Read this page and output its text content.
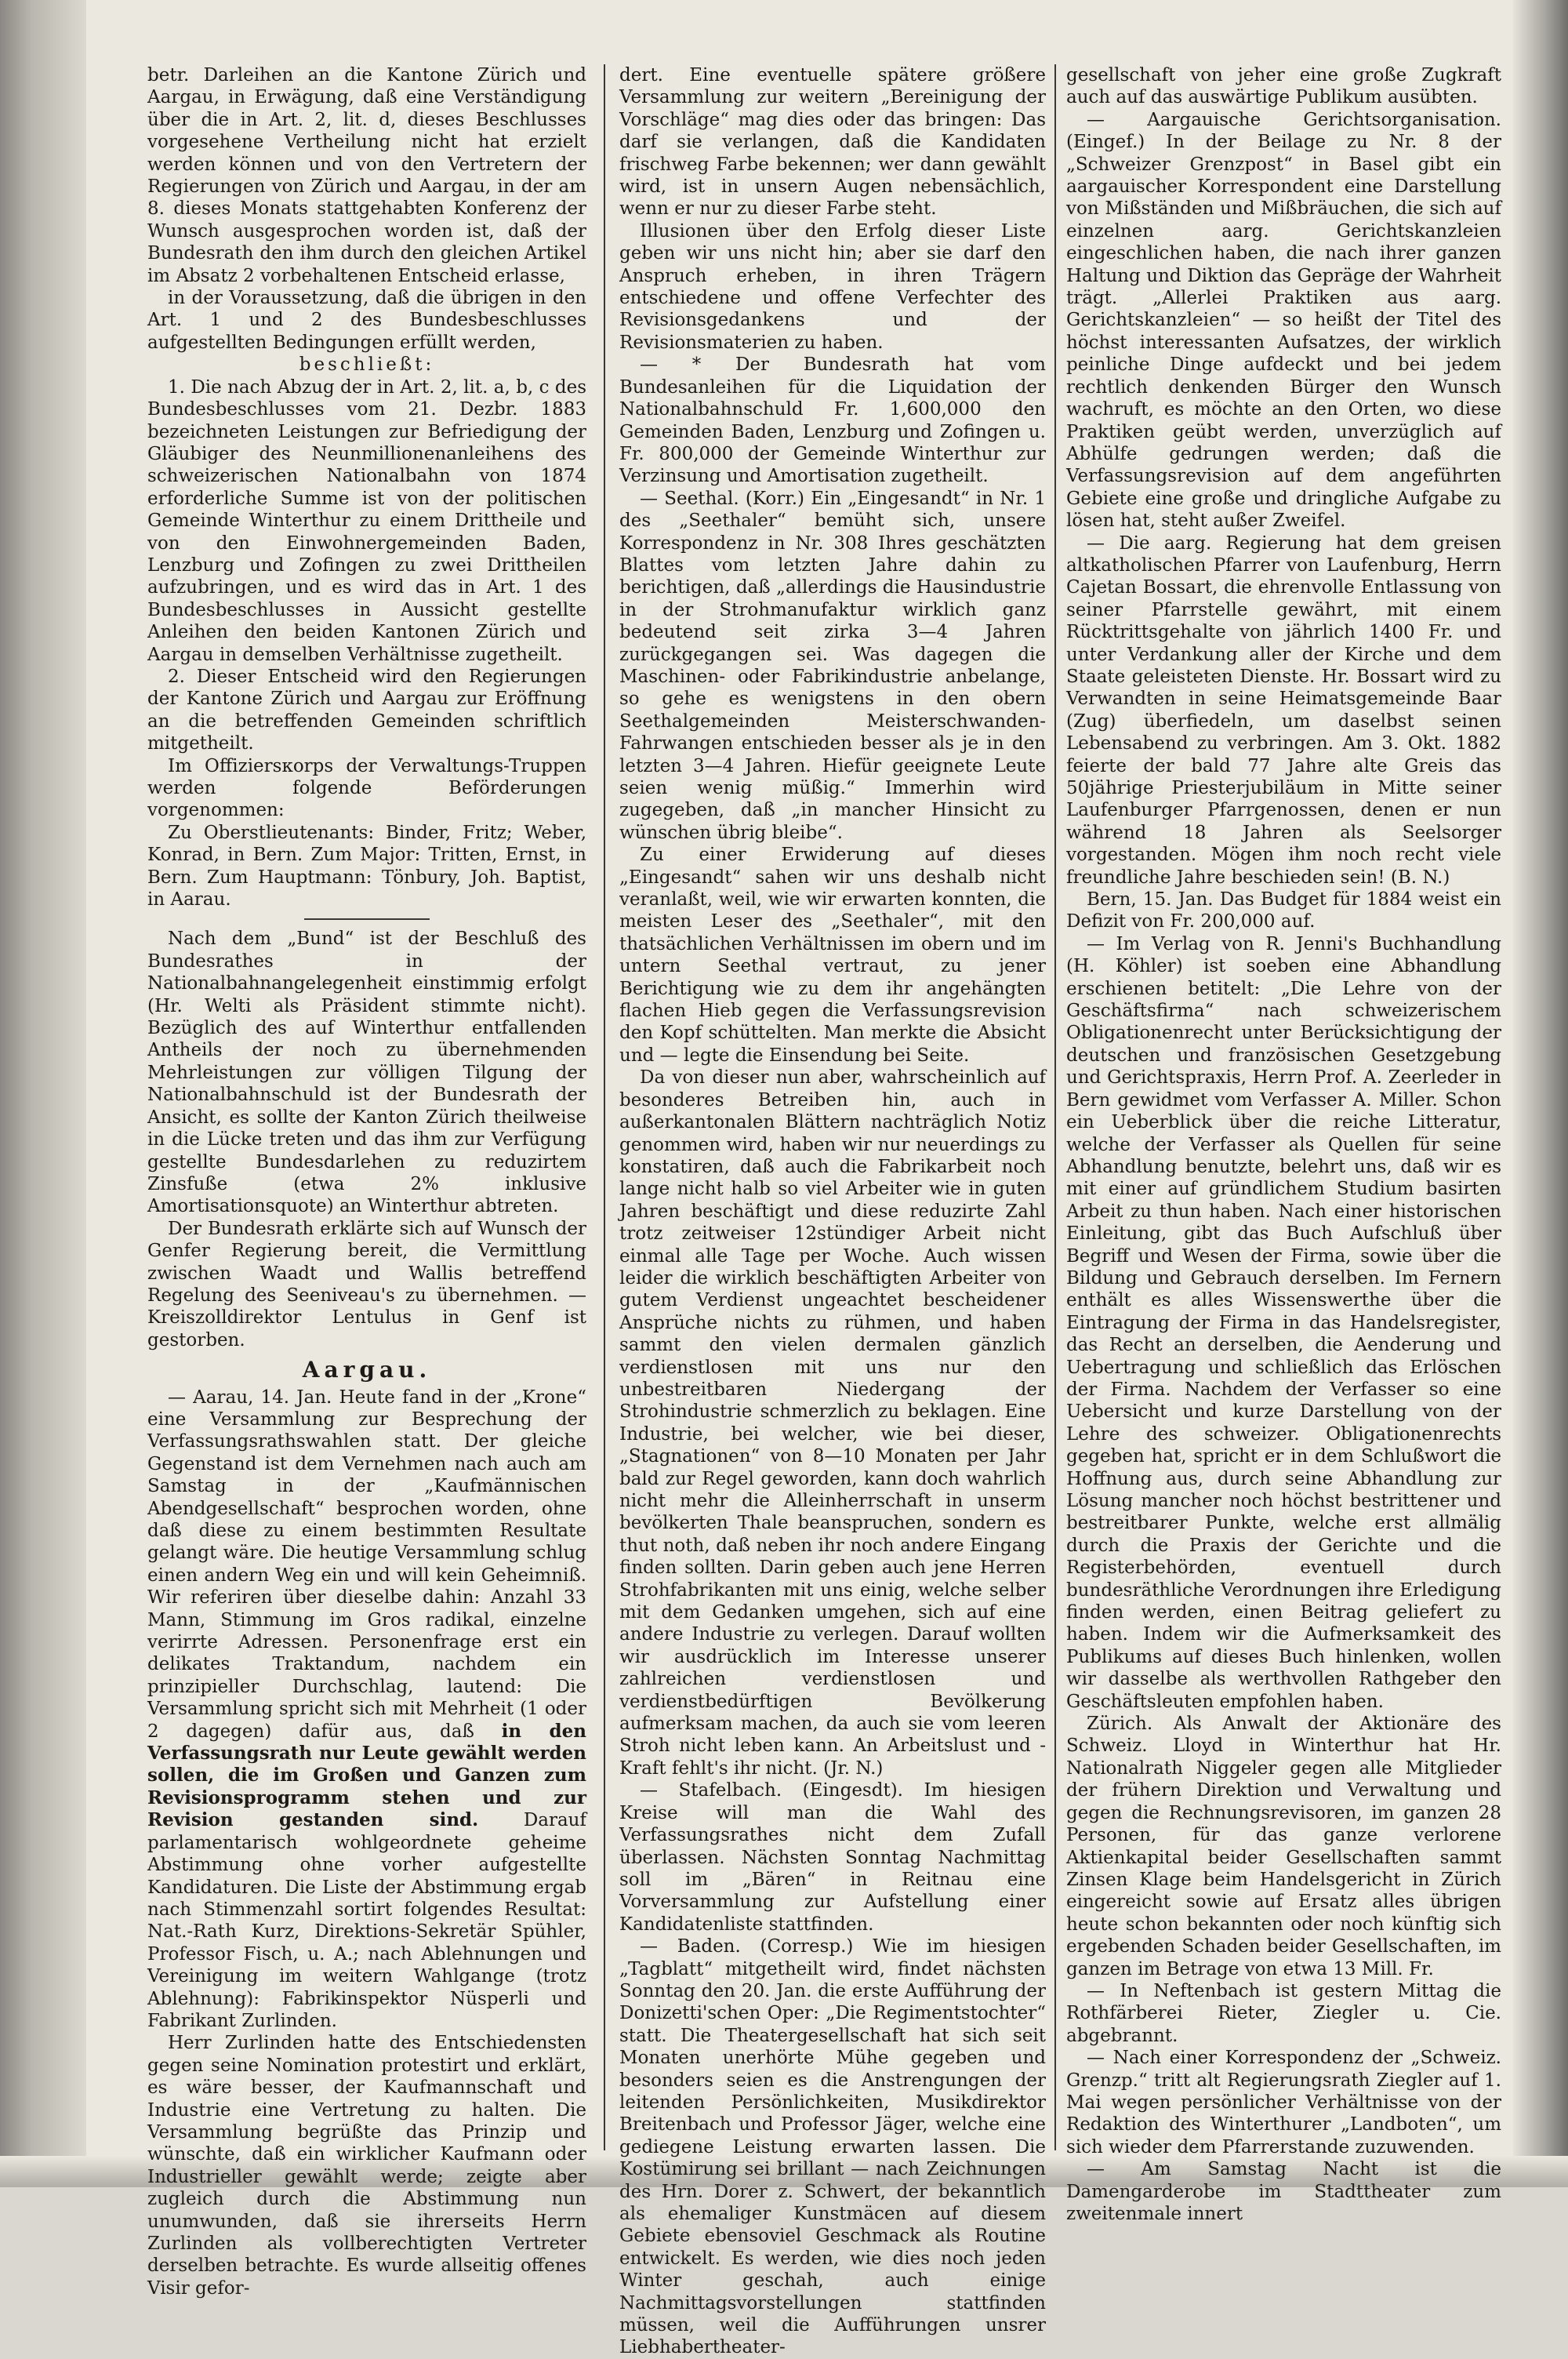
betr. Darleihen an die Kantone Zürich und Aargau, in Erwägung, daß eine Verständigung über die in Art. 2, lit. d, dieses Beschlusses vorgesehene Vertheilung nicht hat erzielt werden können und von den Vertretern der Regierungen von Zürich und Aargau, in der am 8. dieses Monats stattgehabten Konferenz der Wunsch ausgesprochen worden ist, daß der Bundesrath den ihm durch den gleichen Artikel im Absatz 2 vorbehaltenen Entscheid erlasse,

in der Voraussetzung, daß die übrigen in den Art. 1 und 2 des Bundesbeschlusses aufgestellten Bedingungen erfüllt werden,

beschließt:

1. Die nach Abzug der in Art. 2, lit. a, b, c des Bundesbeschlusses vom 21. Dezbr. 1883 bezeichneten Leistungen zur Befriedigung der Gläubiger des Neunmillionenanleihens des schweizerischen Nationalbahn von 1874 erforderliche Summe ist von der politischen Gemeinde Winterthur zu einem Drittheile und von den Einwohnergemeinden Baden, Lenzburg und Zofingen zu zwei Drittheilen aufzubringen, und es wird das in Art. 1 des Bundesbeschlusses in Aussicht gestellte Anleihen den beiden Kantonen Zürich und Aargau in demselben Verhältnisse zugetheilt.

2. Dieser Entscheid wird den Regierungen der Kantone Zürich und Aargau zur Eröffnung an die betreffenden Gemeinden schriftlich mitgetheilt.

Im Offiziersкorps der Verwaltungs-Truppen werden folgende Beförderungen vorgenommen:

Zu Oberstlieutenants: Binder, Fritz; Weber, Konrad, in Bern. Zum Major: Tritten, Ernst, in Bern. Zum Hauptmann: Tönbury, Joh. Baptist, in Aarau.

Nach dem „Bund“ ist der Beschluß des Bundesrathes in der Nationalbahnangelegenheit einstimmig erfolgt (Hr. Welti als Präsident stimmte nicht). Bezüglich des auf Winterthur entfallenden Antheils der noch zu übernehmenden Mehrleistungen zur völligen Tilgung der Nationalbahnschuld ist der Bundesrath der Ansicht, es sollte der Kanton Zürich theilweise in die Lücke treten und das ihm zur Verfügung gestellte Bundesdarlehen zu reduzirtem Zinsfuße (etwa 2% inklusive Amortisationsquote) an Winterthur abtreten.

Der Bundesrath erklärte sich auf Wunsch der Genfer Regierung bereit, die Vermittlung zwischen Waadt und Wallis betreffend Regelung des Seeniveau's zu übernehmen. — Kreiszolldirektor Lentulus in Genf ist gestorben.

Aargau.

— Aarau, 14. Jan. Heute fand in der „Krone“ eine Versammlung zur Besprechung der Verfassungsrathswahlen statt. Der gleiche Gegenstand ist dem Vernehmen nach auch am Samstag in der „Kaufmännischen Abendgesellschaft“ besprochen worden, ohne daß diese zu einem bestimmten Resultate gelangt wäre. Die heutige Versammlung schlug einen andern Weg ein und will kein Geheimniß. Wir referiren über dieselbe dahin: Anzahl 33 Mann, Stimmung im Gros radikal, einzelne verirrte Adressen. Personenfrage erst ein delikates Traktandum, nachdem ein prinzipieller Durchschlag, lautend: Die Versammlung spricht sich mit Mehrheit (1 oder 2 dagegen) dafür aus, daß in den Verfassungsrath nur Leute gewählt werden sollen, die im Großen und Ganzen zum Revisionsprogramm stehen und zur Revision gestanden sind.	Darauf parlamentarisch wohlgeordnete geheime Abstimmung ohne vorher aufgestellte Kandidaturen. Die Liste der Abstimmung ergab nach Stimmenzahl sortirt folgendes Resultat: Nat.-Rath Kurz, Direktions-Sekretär Spühler, Professor Fisch, u. A.; nach Ablehnungen und Vereinigung im weitern Wahlgange (trotz Ablehnung): Fabrikinspektor Nüsperli und Fabrikant Zurlinden.

Herr Zurlinden hatte des Entschiedensten gegen seine Nomination protestirt und erklärt, es wäre besser, der Kaufmannschaft und Industrie eine Vertretung zu halten. Die Versammlung begrüßte das Prinzip und wünschte, daß ein wirklicher Kaufmann oder Industrieller gewählt werde; zeigte aber zugleich durch die Abstimmung nun unumwunden, daß sie ihrerseits Herrn Zurlinden als vollberechtigten Vertreter derselben betrachte. Es wurde allseitig offenes Visir gefor-

dert. Eine eventuelle spätere größere Versammlung zur weitern „Bereinigung der Vorschläge“ mag dies oder das bringen: Das darf sie verlangen, daß die Kandidaten frischweg Farbe bekennen; wer dann gewählt wird, ist in unsern Augen nebensächlich, wenn er nur zu dieser Farbe steht.

Illusionen über den Erfolg dieser Liste geben wir uns nicht hin; aber sie darf den Anspruch erheben, in ihren Trägern entschiedene und offene Verfechter des Revisionsgedankens und der Revisionsmaterien zu haben.

— * Der Bundesrath hat vom Bundesanleihen für die Liquidation der Nationalbahnschuld Fr. 1,600,000 den Gemeinden Baden, Lenzburg und Zofingen u. Fr. 800,000 der Gemeinde Winterthur zur Verzinsung und Amortisation zugetheilt.

— Seethal. (Korr.) Ein „Eingesandt“ in Nr. 1 des „Seethaler“ bemüht sich, unsere Korrespondenz in Nr. 308 Ihres geschätzten Blattes vom letzten Jahre dahin zu berichtigen, daß „allerdings die Hausindustrie in der Strohmanufaktur wirklich ganz bedeutend seit zirka 3—4 Jahren zurückgegangen sei. Was dagegen die Maschinen- oder Fabrikindustrie anbelange, so gehe es wenigstens in den obern Seethalgemeinden Meisterschwanden-Fahrwangen entschieden besser als je in den letzten 3—4 Jahren. Hiefür geeignete Leute seien wenig müßig.“ Immerhin wird zugegeben, daß „in mancher Hinsicht zu wünschen übrig bleibe“.

Zu einer Erwiderung auf dieses „Eingesandt“ sahen wir uns deshalb nicht veranlaßt, weil, wie wir erwarten konnten, die meisten Leser des „Seethaler“, mit den thatsächlichen Verhältnissen im obern und im untern Seethal vertraut, zu jener Berichtigung wie zu dem ihr angehängten flachen Hieb gegen die Verfassungsrevision den Kopf schüttelten. Man merkte die Absicht und — legte die Einsendung bei Seite.

Da von dieser nun aber, wahrscheinlich auf besonderes Betreiben hin, auch in außerkantonalen Blättern nachträglich Notiz genommen wird, haben wir nur neuerdings zu konstatiren, daß auch die Fabrikarbeit noch lange nicht halb so viel Arbeiter wie in guten Jahren beschäftigt und diese reduzirte Zahl trotz zeitweiser 12stündiger Arbeit nicht einmal alle Tage per Woche. Auch wissen leider die wirklich beschäftigten Arbeiter von gutem Verdienst ungeachtet bescheidener Ansprüche nichts zu rühmen, und haben sammt den vielen dermalen gänzlich verdienstlosen mit uns nur den unbestreitbaren Niedergang der Strohindustrie schmerzlich zu beklagen. Eine Industrie, bei welcher, wie bei dieser, „Stagnationen“ von 8—10 Monaten per Jahr bald zur Regel geworden, kann doch wahrlich nicht mehr die Alleinherrschaft in unserm bevölkerten Thale beanspruchen, sondern es thut noth, daß neben ihr noch andere Eingang finden sollten. Darin geben auch jene Herren Strohfabrikanten mit uns einig, welche selber mit dem Gedanken umgehen, sich auf eine andere Industrie zu verlegen. Darauf wollten wir ausdrücklich im Interesse unserer zahlreichen verdienstlosen und verdienstbedürftigen Bevölkerung aufmerksam machen, da auch sie vom leeren Stroh nicht leben kann. An Arbeitslust und -Kraft fehlt's ihr nicht. (Jr. N.)

— Stafelbach. (Eingesdt). Im hiesigen Kreise will man die Wahl des Verfassungsrathes nicht dem Zufall überlassen. Nächsten Sonntag Nachmittag soll im „Bären“ in Reitnau eine Vorversammlung zur Aufstellung einer Kandidatenliste stattfinden.

— Baden. (Corresp.) Wie im hiesigen „Tagblatt“ mitgetheilt wird, findet nächsten Sonntag den 20. Jan. die erste Aufführung der Donizetti'schen Oper: „Die Regimentstochter“ statt. Die Theatergesellschaft hat sich seit Monaten unerhörte Mühe gegeben und besonders seien es die Anstrengungen der leitenden Persönlichkeiten, Musikdirektor Breitenbach und Professor Jäger, welche eine gediegene Leistung erwarten lassen. Die Kostümirung sei brillant — nach Zeichnungen des Hrn. Dorer z. Schwert, der bekanntlich als ehemaliger Kunstmäcen auf diesem Gebiete ebensoviel Geschmack als Routine entwickelt. Es werden, wie dies noch jeden Winter geschah, auch einige Nachmittagsvorstellungen stattfinden müssen, weil die Aufführungen unsrer Liebhabertheater-

gesellschaft von jeher eine große Zugkraft auch auf das auswärtige Publikum ausübten.

— Aargauische Gerichtsorganisation. (Eingef.) In der Beilage zu Nr. 8 der „Schweizer Grenzpost“ in Basel gibt ein aargauischer Korrespondent eine Darstellung von Mißständen und Mißbräuchen, die sich auf einzelnen aarg. Gerichtskanzleien eingeschlichen haben, die nach ihrer ganzen Haltung und Diktion das Gepräge der Wahrheit trägt. „Allerlei Praktiken aus aarg. Gerichtskanzleien“ — so heißt der Titel des höchst interessanten Aufsatzes, der wirklich peinliche Dinge aufdeckt und bei jedem rechtlich denkenden Bürger den Wunsch wachruft, es möchte an den Orten, wo diese Praktiken geübt werden, unverzüglich auf Abhülfe gedrungen werden; daß die Verfassungsrevision auf dem angeführten Gebiete eine große und dringliche Aufgabe zu lösen hat, steht außer Zweifel.

— Die aarg. Regierung hat dem greisen altkatholischen Pfarrer von Laufenburg, Herrn Cajetan Bossart, die ehrenvolle Entlassung von seiner Pfarrstelle gewährt, mit einem Rücktrittsgehalte von jährlich 1400 Fr. und unter Verdankung aller der Kirche und dem Staate geleisteten Dienste. Hr. Bossart wird zu Verwandten in seine Heimatsgemeinde Baar (Zug) überfiedeln, um daselbst seinen Lebensabend zu verbringen. Am 3. Okt. 1882 feierte der bald 77 Jahre alte Greis das 50jährige Priesterjubiläum in Mitte seiner Laufenburger Pfarrgenossen, denen er nun während 18 Jahren als Seelsorger vorgestanden. Mögen ihm noch recht viele freundliche Jahre beschieden sein! (B. N.)

Bern, 15. Jan. Das Budget für 1884 weist ein Defizit von Fr. 200,000 auf.

— Im Verlag von R. Jenni's Buchhandlung (H. Köhler) ist soeben eine Abhandlung erschienen betitelt: „Die Lehre von der Geschäftsfirma“ nach schweizerischem Obligationenrecht unter Berücksichtigung der deutschen und französischen Gesetzgebung und Gerichtspraxis, Herrn Prof. A. Zeerleder in Bern gewidmet vom Verfasser A. Miller. Schon ein Ueberblick über die reiche Litteratur, welche der Verfasser als Quellen für seine Abhandlung benutzte, belehrt uns, daß wir es mit einer auf gründlichem Studium basirten Arbeit zu thun haben. Nach einer historischen Einleitung, gibt das Buch Aufschluß über Begriff und Wesen der Firma, sowie über die Bildung und Gebrauch derselben. Im Fernern enthält es alles Wissenswerthe über die Eintragung der Firma in das Handelsregister, das Recht an derselben, die Aenderung und Uebertragung und schließlich das Erlöschen der Firma. Nachdem der Verfasser so eine Uebersicht und kurze Darstellung von der Lehre des schweizer. Obligationenrechts gegeben hat, spricht er in dem Schlußwort die Hoffnung aus, durch seine Abhandlung zur Lösung mancher noch höchst bestrittener und bestreitbarer Punkte, welche erst allmälig durch die Praxis der Gerichte und die Registerbehörden, eventuell durch bundesräthliche Verordnungen ihre Erledigung finden werden, einen Beitrag geliefert zu haben. Indem wir die Aufmerksamkeit des Publikums auf dieses Buch hinlenken, wollen wir dasselbe als werthvollen Rathgeber den Geschäftsleuten empfohlen haben.

Zürich. Als Anwalt der Aktionäre des Schweiz. Lloyd in Winterthur hat Hr. Nationalrath Niggeler gegen alle Mitglieder der frühern Direktion und Verwaltung und gegen die Rechnungsrevisoren, im ganzen 28 Personen, für das ganze verlorene Aktienkapital beider Gesellschaften sammt Zinsen Klage beim Handelsgericht in Zürich eingereicht sowie auf Ersatz alles übrigen heute schon bekannten oder noch künftig sich ergebenden Schaden beider Gesellschaften, im ganzen im Betrage von etwa 13 Mill. Fr.

— In Neftenbach ist gestern Mittag die Rothfärberei Rieter, Ziegler u. Cie. abgebrannt.

— Nach einer Korrespondenz der „Schweiz. Grenzp.“ tritt alt Regierungsrath Ziegler auf 1. Mai wegen persönlicher Verhältnisse von der Redaktion des Winterthurer „Landboten“, um sich wieder dem Pfarrerstande zuzuwenden.

— Am Samstag Nacht ist die Damengarderobe im Stadttheater zum zweitenmale innert
